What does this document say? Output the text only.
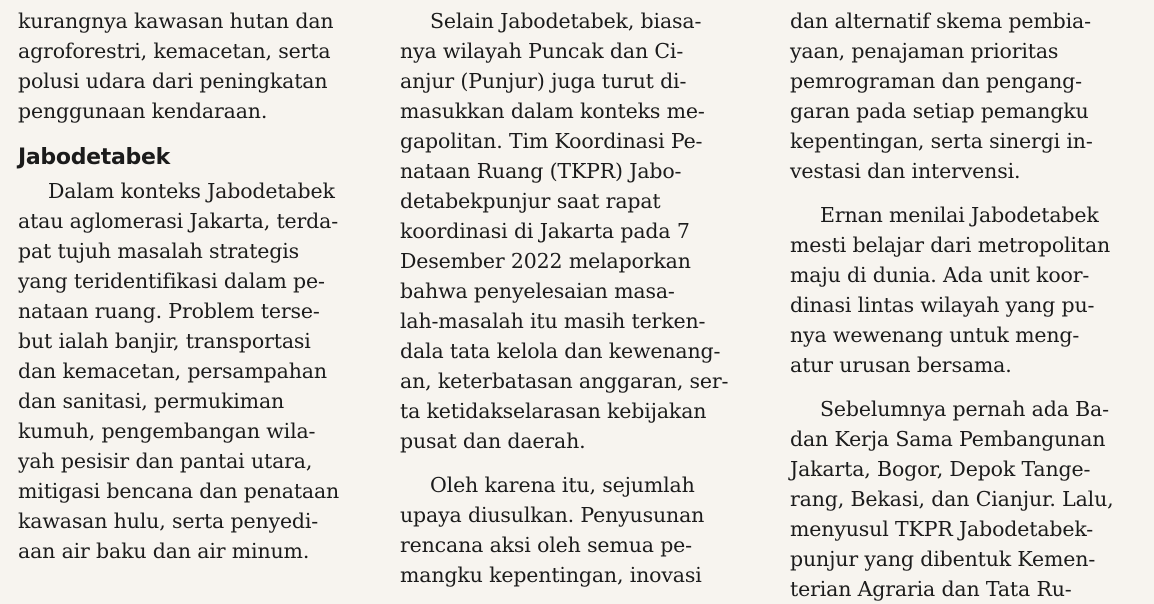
kurangnya kawasan hutan dan
agroforestri, kemacetan, serta
polusi udara dari peningkatan
penggunaan kendaraan.
Jabodetabek
Dalam konteks Jabodetabek
atau aglomerasi Jakarta, terda-
pat tujuh masalah strategis
yang teridentifikasi dalam pe-
nataan ruang. Problem terse-
but ialah banjir, transportasi
dan kemacetan, persampahan
dan sanitasi, permukiman
kumuh, pengembangan wila-
yah pesisir dan pantai utara,
mitigasi bencana dan penataan
kawasan hulu, serta penyedi-
aan air baku dan air minum.
Selain Jabodetabek, biasa-
nya wilayah Puncak dan Ci-
anjur (Punjur) juga turut di-
masukkan dalam konteks me-
gapolitan. Tim Koordinasi Pe-
nataan Ruang (TKPR) Jabo-
detabekpunjur saat rapat
koordinasi di Jakarta pada 7
Desember 2022 melaporkan
bahwa penyelesaian masa-
lah-masalah itu masih terken-
dala tata kelola dan kewenang-
an, keterbatasan anggaran, ser-
ta ketidakselarasan kebijakan
pusat dan daerah.
Oleh karena itu, sejumlah
upaya diusulkan. Penyusunan
rencana aksi oleh semua pe-
mangku kepentingan, inovasi
dan alternatif skema pembia-
yaan, penajaman prioritas
pemrograman dan pengang-
garan pada setiap pemangku
kepentingan, serta sinergi in-
vestasi dan intervensi.
Ernan menilai Jabodetabek
mesti belajar dari metropolitan
maju di dunia. Ada unit koor-
dinasi lintas wilayah yang pu-
nya wewenang untuk meng-
atur urusan bersama.
Sebelumnya pernah ada Ba-
dan Kerja Sama Pembangunan
Jakarta, Bogor, Depok Tange-
rang, Bekasi, dan Cianjur. Lalu,
menyusul TKPR Jabodetabek-
punjur yang dibentuk Kemen-
terian Agraria dan Tata Ru-
